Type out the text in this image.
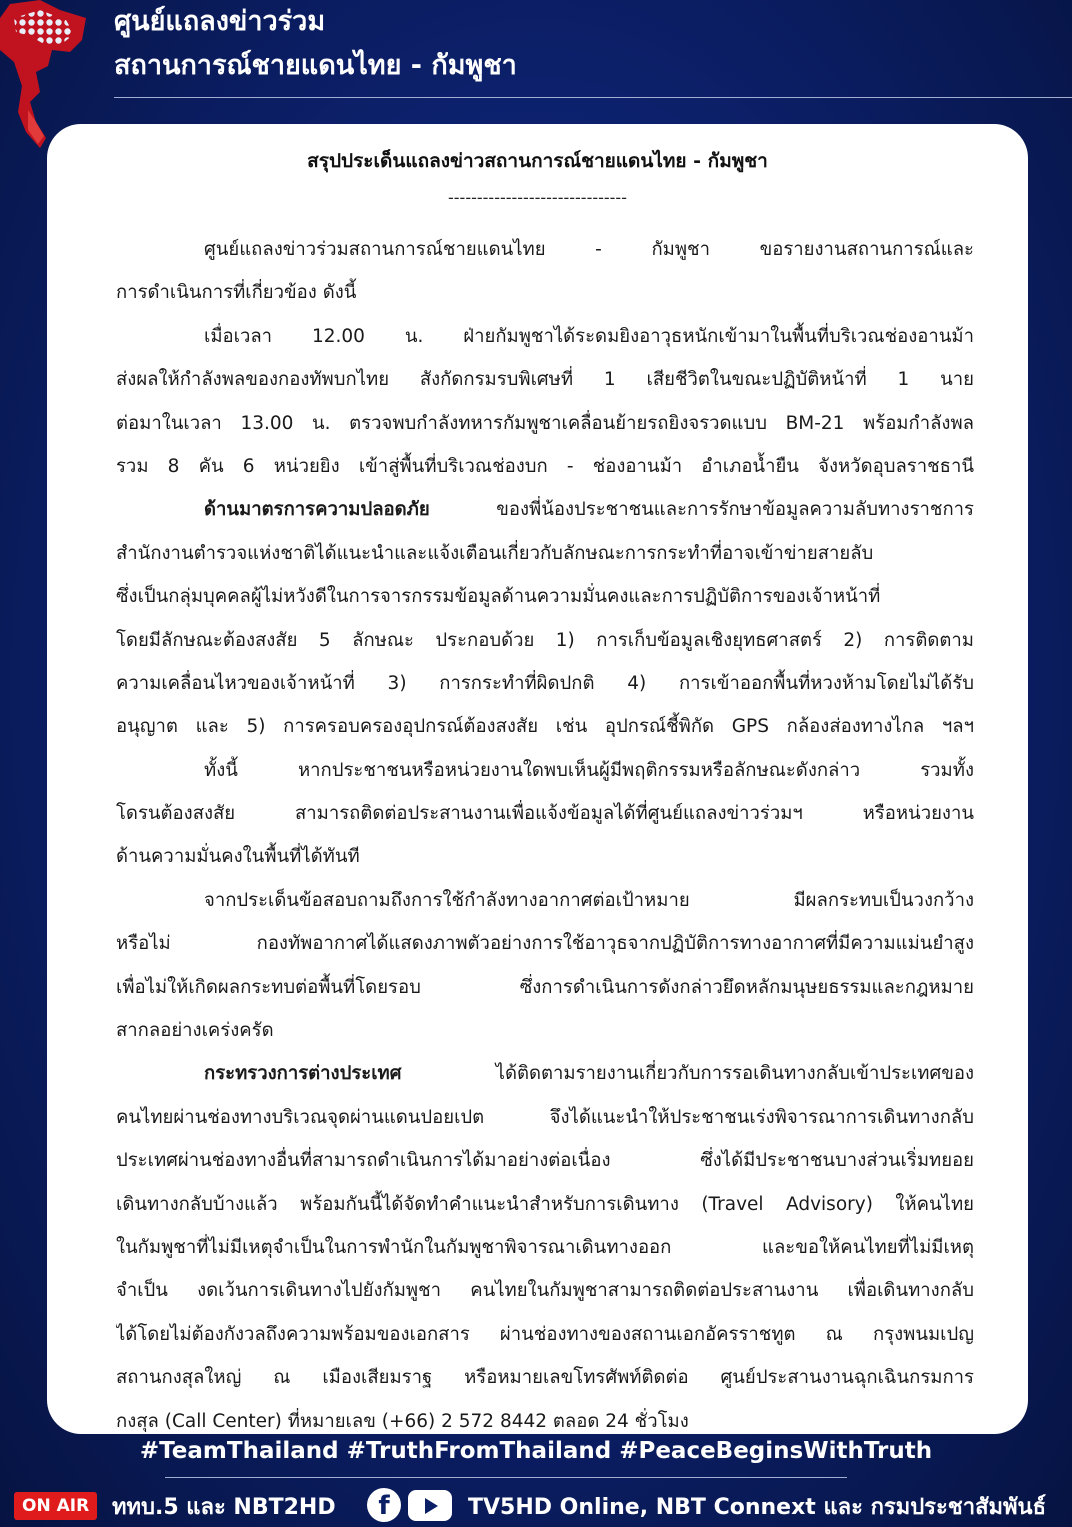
ศูนย์แถลงข่าวร่วม
สถานการณ์ชายแดนไทย - กัมพูชา
สรุปประเด็นแถลงข่าวสถานการณ์ชายแดนไทย - กัมพูชา
-------------------------------
ศูนย์แถลงข่าวร่วมสถานการณ์ชายแดนไทย - กัมพูชา ขอรายงานสถานการณ์และ
การดำเนินการที่เกี่ยวข้อง ดังนี้
เมื่อเวลา 12.00 น. ฝ่ายกัมพูชาได้ระดมยิงอาวุธหนักเข้ามาในพื้นที่บริเวณช่องอานม้า
ส่งผลให้กำลังพลของกองทัพบกไทย สังกัดกรมรบพิเศษที่ 1 เสียชีวิตในขณะปฏิบัติหน้าที่ 1 นาย
ต่อมาในเวลา 13.00 น. ตรวจพบกำลังทหารกัมพูชาเคลื่อนย้ายรถยิงจรวดแบบ BM-21 พร้อมกำลังพล
รวม 8 คัน 6 หน่วยยิง เข้าสู่พื้นที่บริเวณช่องบก - ช่องอานม้า อำเภอน้ำยืน จังหวัดอุบลราชธานี
ด้านมาตรการความปลอดภัย ของพี่น้องประชาชนและการรักษาข้อมูลความลับทางราชการ
สำนักงานตำรวจแห่งชาติได้แนะนำและแจ้งเตือนเกี่ยวกับลักษณะการกระทำที่อาจเข้าข่ายสายลับ
ซึ่งเป็นกลุ่มบุคคลผู้ไม่หวังดีในการจารกรรมข้อมูลด้านความมั่นคงและการปฏิบัติการของเจ้าหน้าที่
โดยมีลักษณะต้องสงสัย 5 ลักษณะ ประกอบด้วย 1) การเก็บข้อมูลเชิงยุทธศาสตร์ 2) การติดตาม
ความเคลื่อนไหวของเจ้าหน้าที่ 3) การกระทำที่ผิดปกติ 4) การเข้าออกพื้นที่หวงห้ามโดยไม่ได้รับ
อนุญาต และ 5) การครอบครองอุปกรณ์ต้องสงสัย เช่น อุปกรณ์ชี้พิกัด GPS กล้องส่องทางไกล ฯลฯ
ทั้งนี้ หากประชาชนหรือหน่วยงานใดพบเห็นผู้มีพฤติกรรมหรือลักษณะดังกล่าว รวมทั้ง
โดรนต้องสงสัย สามารถติดต่อประสานงานเพื่อแจ้งข้อมูลได้ที่ศูนย์แถลงข่าวร่วมฯ หรือหน่วยงาน
ด้านความมั่นคงในพื้นที่ได้ทันที
จากประเด็นข้อสอบถามถึงการใช้กำลังทางอากาศต่อเป้าหมาย มีผลกระทบเป็นวงกว้าง
หรือไม่ กองทัพอากาศได้แสดงภาพตัวอย่างการใช้อาวุธจากปฏิบัติการทางอากาศที่มีความแม่นยำสูง
เพื่อไม่ให้เกิดผลกระทบต่อพื้นที่โดยรอบ ซึ่งการดำเนินการดังกล่าวยึดหลักมนุษยธรรมและกฎหมาย
สากลอย่างเคร่งครัด
กระทรวงการต่างประเทศ ได้ติดตามรายงานเกี่ยวกับการรอเดินทางกลับเข้าประเทศของ
คนไทยผ่านช่องทางบริเวณจุดผ่านแดนปอยเปต จึงได้แนะนำให้ประชาชนเร่งพิจารณาการเดินทางกลับ
ประเทศผ่านช่องทางอื่นที่สามารถดำเนินการได้มาอย่างต่อเนื่อง ซึ่งได้มีประชาชนบางส่วนเริ่มทยอย
เดินทางกลับบ้างแล้ว พร้อมกันนี้ได้จัดทำคำแนะนำสำหรับการเดินทาง (Travel Advisory) ให้คนไทย
ในกัมพูชาที่ไม่มีเหตุจำเป็นในการพำนักในกัมพูชาพิจารณาเดินทางออก และขอให้คนไทยที่ไม่มีเหตุ
จำเป็น งดเว้นการเดินทางไปยังกัมพูชา คนไทยในกัมพูชาสามารถติดต่อประสานงาน เพื่อเดินทางกลับ
ได้โดยไม่ต้องกังวลถึงความพร้อมของเอกสาร ผ่านช่องทางของสถานเอกอัครราชทูต ณ กรุงพนมเปญ
สถานกงสุลใหญ่ ณ เมืองเสียมราฐ หรือหมายเลขโทรศัพท์ติดต่อ ศูนย์ประสานงานฉุกเฉินกรมการ
กงสุล (Call Center) ที่หมายเลข (+66) 2 572 8442 ตลอด 24 ชั่วโมง
#TeamThailand #TruthFromThailand #PeaceBeginsWithTruth
ON AIR	ททบ.5 และ NBT2HD	f	TV5HD Online, NBT Connext และ กรมประชาสัมพันธ์
